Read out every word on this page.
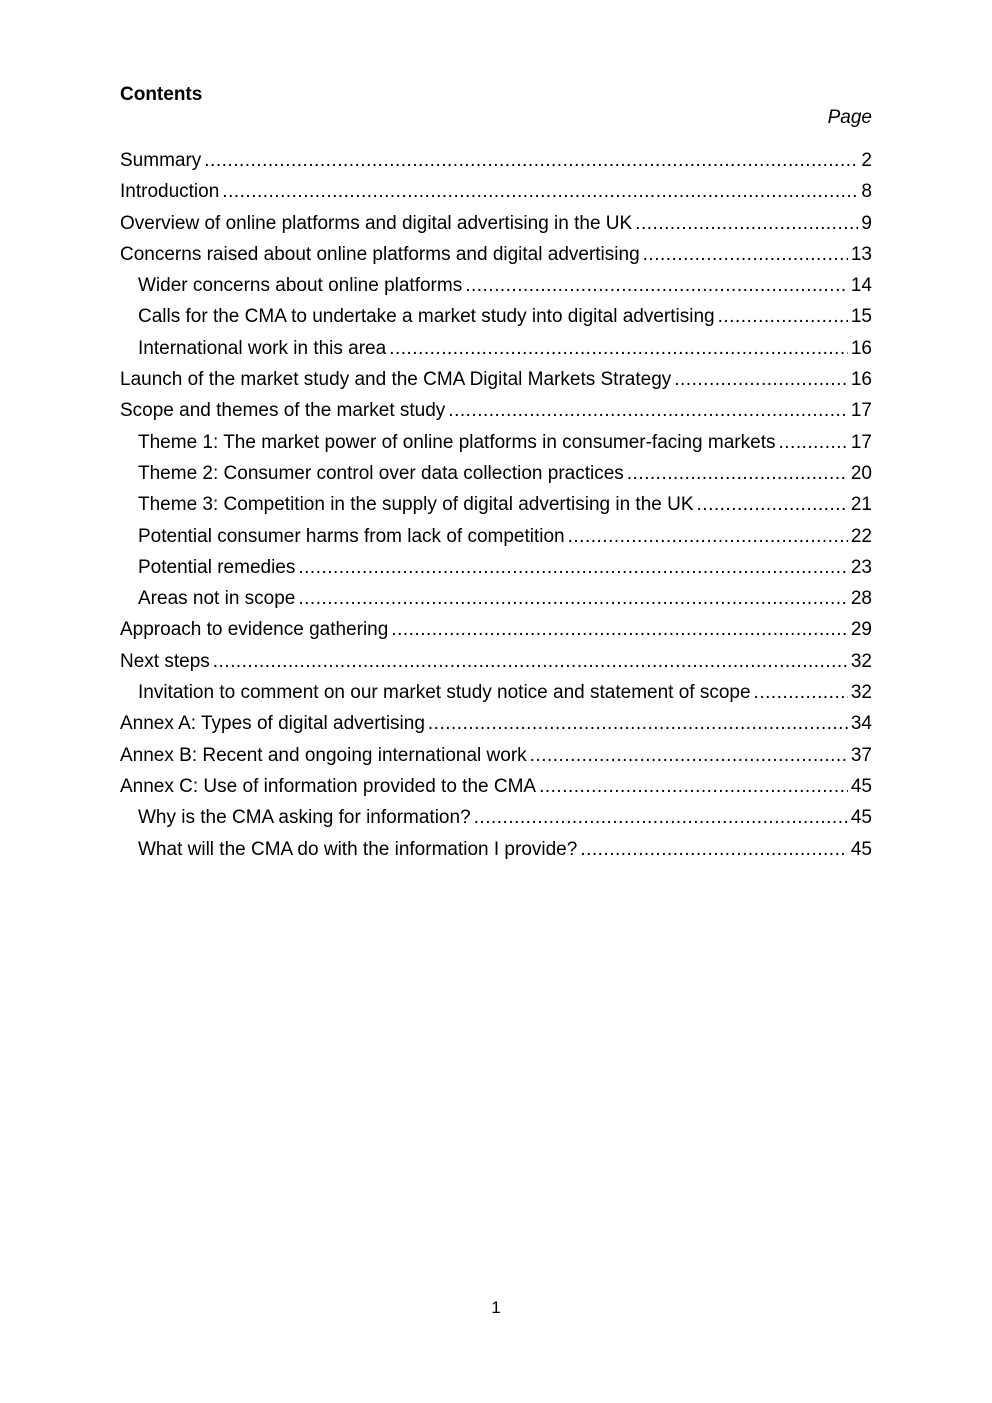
Contents
Page
Summary .....	2
Introduction .....	8
Overview of online platforms and digital advertising in the UK .....	9
Concerns raised about online platforms and digital advertising .....	13
Wider concerns about online platforms .....	14
Calls for the CMA to undertake a market study into digital advertising .....	15
International work in this area .....	16
Launch of the market study and the CMA Digital Markets Strategy .....	16
Scope and themes of the market study .....	17
Theme 1: The market power of online platforms in consumer-facing markets .....	17
Theme 2: Consumer control over data collection practices .....	20
Theme 3: Competition in the supply of digital advertising in the UK .....	21
Potential consumer harms from lack of competition .....	22
Potential remedies .....	23
Areas not in scope .....	28
Approach to evidence gathering .....	29
Next steps .....	32
Invitation to comment on our market study notice and statement of scope .....	32
Annex A: Types of digital advertising .....	34
Annex B: Recent and ongoing international work .....	37
Annex C: Use of information provided to the CMA .....	45
Why is the CMA asking for information? .....	45
What will the CMA do with the information I provide? .....	45
1
